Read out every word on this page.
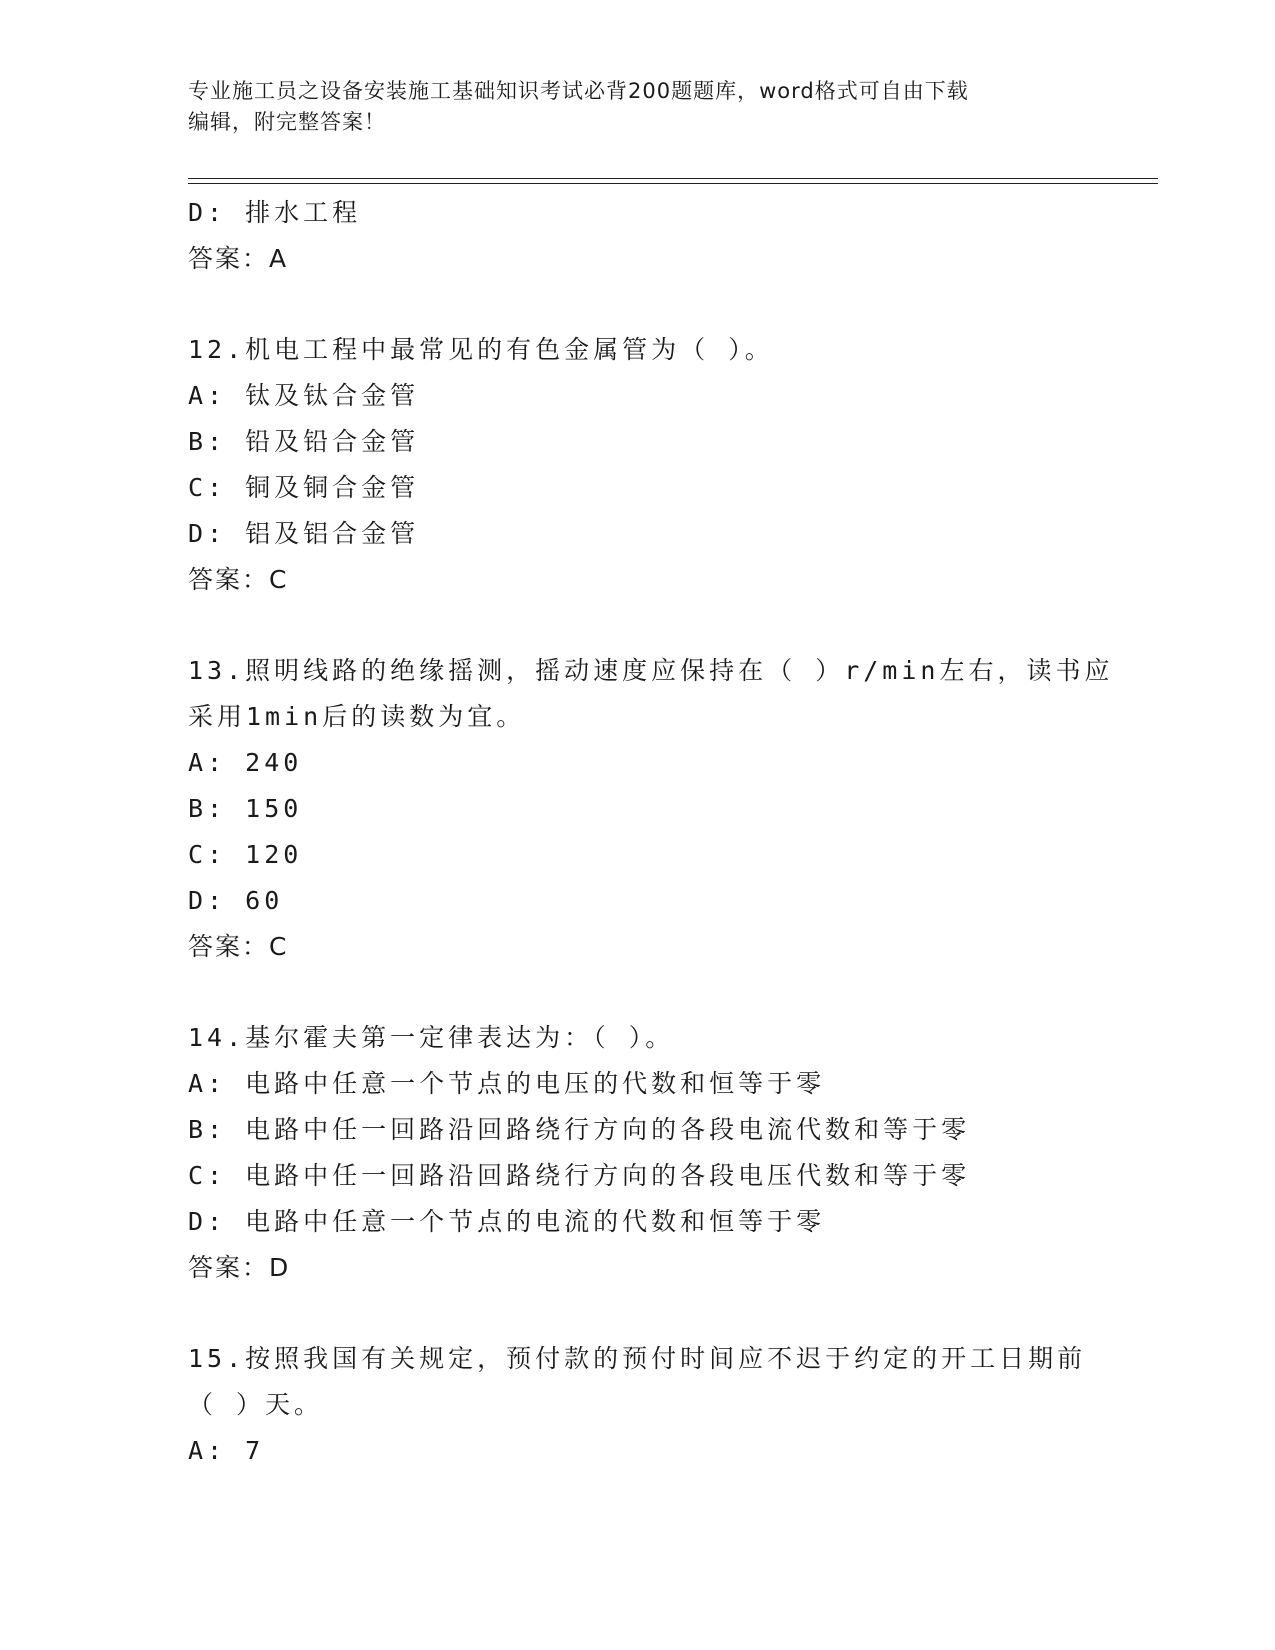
专业施工员之设备安装施工基础知识考试必背200题题库，word格式可自由下载
编辑，附完整答案！
D: 排水工程
答案：A
12.机电工程中最常见的有色金属管为（ ）。
A: 钛及钛合金管
B: 铅及铅合金管
C: 铜及铜合金管
D: 铝及铝合金管
答案：C
13.照明线路的绝缘摇测，摇动速度应保持在（ ）r/min左右，读书应
采用1min后的读数为宜。
A: 240
B: 150
C: 120
D: 60
答案：C
14.基尔霍夫第一定律表达为：（ ）。
A: 电路中任意一个节点的电压的代数和恒等于零
B: 电路中任一回路沿回路绕行方向的各段电流代数和等于零
C: 电路中任一回路沿回路绕行方向的各段电压代数和等于零
D: 电路中任意一个节点的电流的代数和恒等于零
答案：D
15.按照我国有关规定，预付款的预付时间应不迟于约定的开工日期前
（ ）天。
A: 7
